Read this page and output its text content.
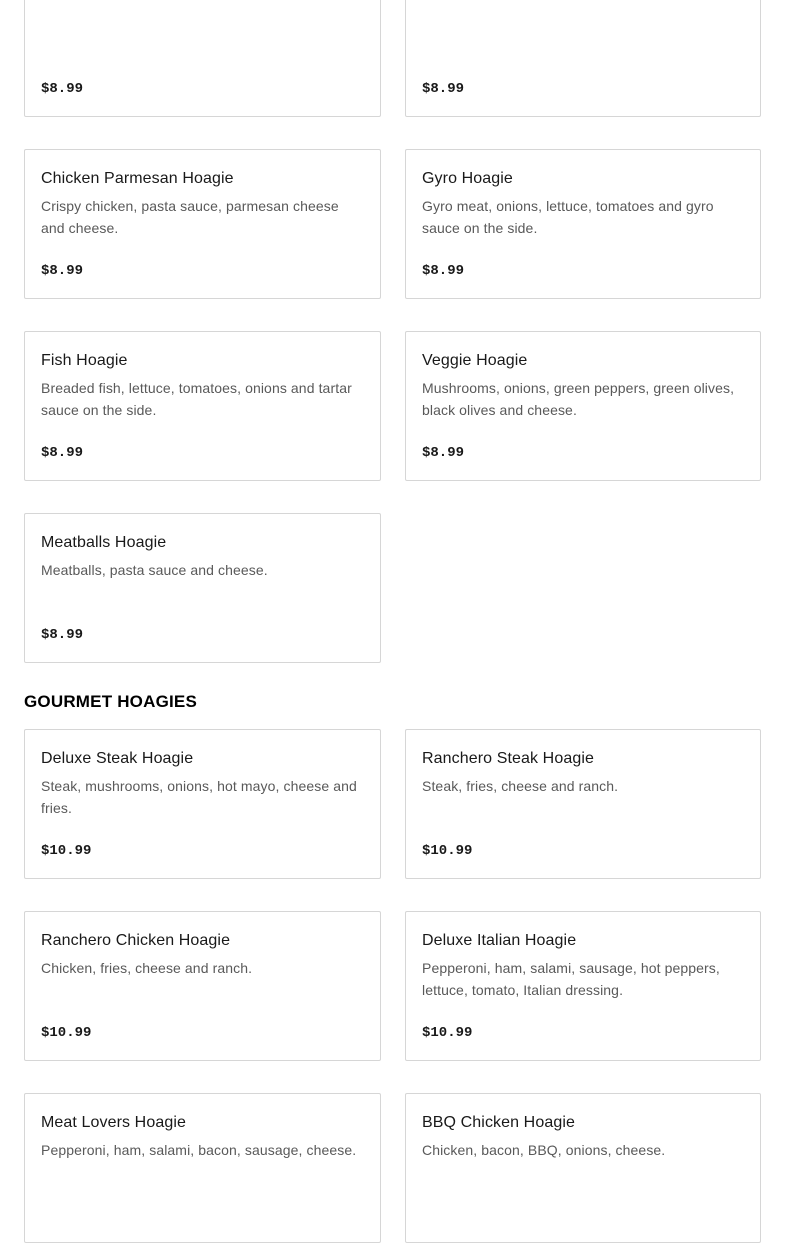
$8.99	$8.99
Chicken Parmesan Hoagie
Crispy chicken, pasta sauce, parmesan cheese and cheese.
$8.99
Gyro Hoagie
Gyro meat, onions, lettuce, tomatoes and gyro sauce on the side.
$8.99
Fish Hoagie
Breaded fish, lettuce, tomatoes, onions and tartar sauce on the side.
$8.99
Veggie Hoagie
Mushrooms, onions, green peppers, green olives, black olives and cheese.
$8.99
Meatballs Hoagie
Meatballs, pasta sauce and cheese.
$8.99
GOURMET HOAGIES
Deluxe Steak Hoagie
Steak, mushrooms, onions, hot mayo, cheese and fries.
$10.99
Ranchero Steak Hoagie
Steak, fries, cheese and ranch.
$10.99
Ranchero Chicken Hoagie
Chicken, fries, cheese and ranch.
$10.99
Deluxe Italian Hoagie
Pepperoni, ham, salami, sausage, hot peppers, lettuce, tomato, Italian dressing.
$10.99
Meat Lovers Hoagie
Pepperoni, ham, salami, bacon, sausage, cheese.
BBQ Chicken Hoagie
Chicken, bacon, BBQ, onions, cheese.
